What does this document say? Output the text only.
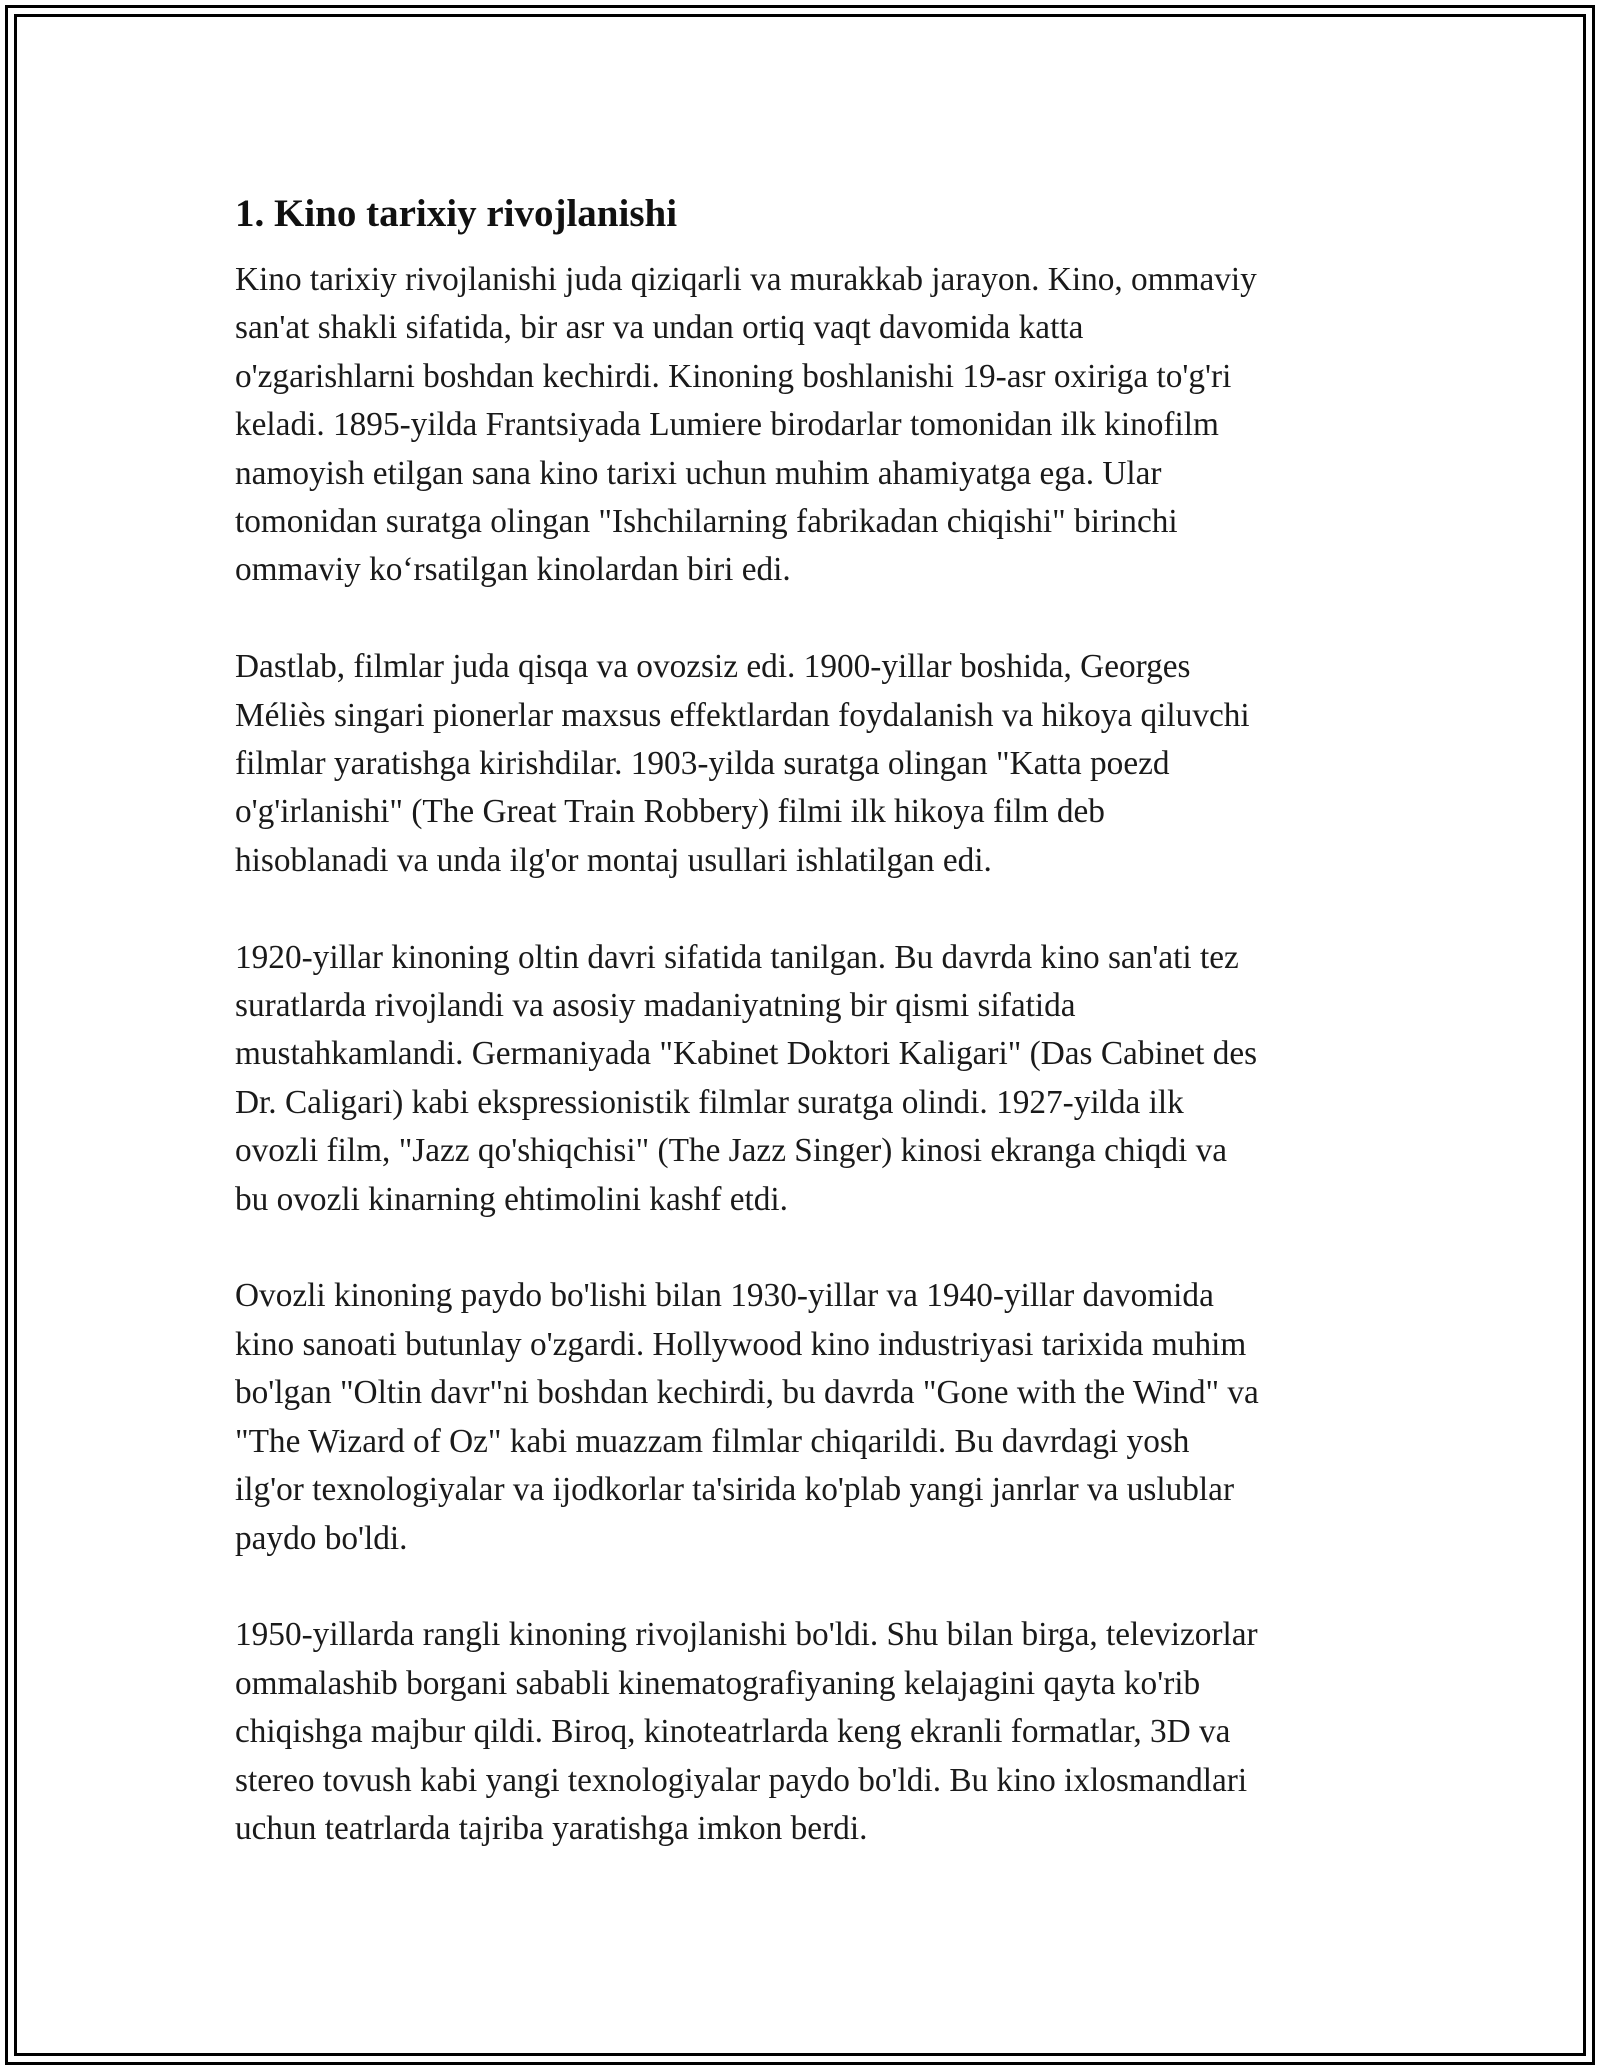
1. Kino tarixiy rivojlanishi

Kino tarixiy rivojlanishi juda qiziqarli va murakkab jarayon. Kino, ommaviy
san'at shakli sifatida, bir asr va undan ortiq vaqt davomida katta
o'zgarishlarni boshdan kechirdi. Kinoning boshlanishi 19-asr oxiriga to'g'ri
keladi. 1895-yilda Frantsiyada Lumiere birodarlar tomonidan ilk kinofilm
namoyish etilgan sana kino tarixi uchun muhim ahamiyatga ega. Ular
tomonidan suratga olingan "Ishchilarning fabrikadan chiqishi" birinchi
ommaviy ko‘rsatilgan kinolardan biri edi.

Dastlab, filmlar juda qisqa va ovozsiz edi. 1900-yillar boshida, Georges
Méliès singari pionerlar maxsus effektlardan foydalanish va hikoya qiluvchi
filmlar yaratishga kirishdilar. 1903-yilda suratga olingan "Katta poezd
o'g'irlanishi" (The Great Train Robbery) filmi ilk hikoya film deb
hisoblanadi va unda ilg'or montaj usullari ishlatilgan edi.

1920-yillar kinoning oltin davri sifatida tanilgan. Bu davrda kino san'ati tez
suratlarda rivojlandi va asosiy madaniyatning bir qismi sifatida
mustahkamlandi. Germaniyada "Kabinet Doktori Kaligari" (Das Cabinet des
Dr. Caligari) kabi ekspressionistik filmlar suratga olindi. 1927-yilda ilk
ovozli film, "Jazz qo'shiqchisi" (The Jazz Singer) kinosi ekranga chiqdi va
bu ovozli kinarning ehtimolini kashf etdi.

Ovozli kinoning paydo bo'lishi bilan 1930-yillar va 1940-yillar davomida
kino sanoati butunlay o'zgardi. Hollywood kino industriyasi tarixida muhim
bo'lgan "Oltin davr"ni boshdan kechirdi, bu davrda "Gone with the Wind" va
"The Wizard of Oz" kabi muazzam filmlar chiqarildi. Bu davrdagi yosh
ilg'or texnologiyalar va ijodkorlar ta'sirida ko'plab yangi janrlar va uslublar
paydo bo'ldi.

1950-yillarda rangli kinoning rivojlanishi bo'ldi. Shu bilan birga, televizorlar
ommalashib borgani sababli kinematografiyaning kelajagini qayta ko'rib
chiqishga majbur qildi. Biroq, kinoteatrlarda keng ekranli formatlar, 3D va
stereo tovush kabi yangi texnologiyalar paydo bo'ldi. Bu kino ixlosmandlari
uchun teatrlarda tajriba yaratishga imkon berdi.
